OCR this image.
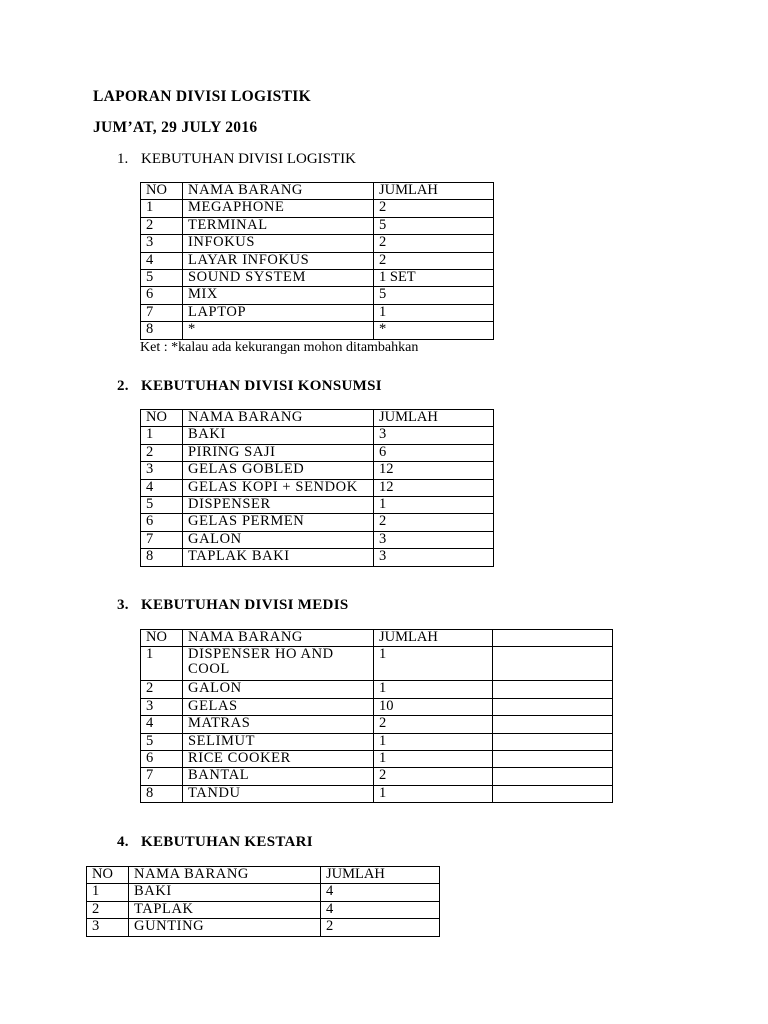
LAPORAN DIVISI LOGISTIK
JUM’AT, 29 JULY 2016
1. KEBUTUHAN DIVISI LOGISTIK
NO	NAMA BARANG	JUMLAH
1	MEGAPHONE	2
2	TERMINAL	5
3	INFOKUS	2
4	LAYAR INFOKUS	2
5	SOUND SYSTEM	1 SET
6	MIX	5
7	LAPTOP	1
8	*	*
Ket : *kalau ada kekurangan mohon ditambahkan
2. KEBUTUHAN DIVISI KONSUMSI
NO	NAMA BARANG	JUMLAH
1	BAKI	3
2	PIRING SAJI	6
3	GELAS GOBLED	12
4	GELAS KOPI + SENDOK	12
5	DISPENSER	1
6	GELAS PERMEN	2
7	GALON	3
8	TAPLAK BAKI	3
3. KEBUTUHAN DIVISI MEDIS
NO	NAMA BARANG	JUMLAH	
1	DISPENSER HO AND COOL	1	
2	GALON	1	
3	GELAS	10	
4	MATRAS	2	
5	SELIMUT	1	
6	RICE COOKER	1	
7	BANTAL	2	
8	TANDU	1	
4. KEBUTUHAN KESTARI
NO	NAMA BARANG	JUMLAH
1	BAKI	4
2	TAPLAK	4
3	GUNTING	2
